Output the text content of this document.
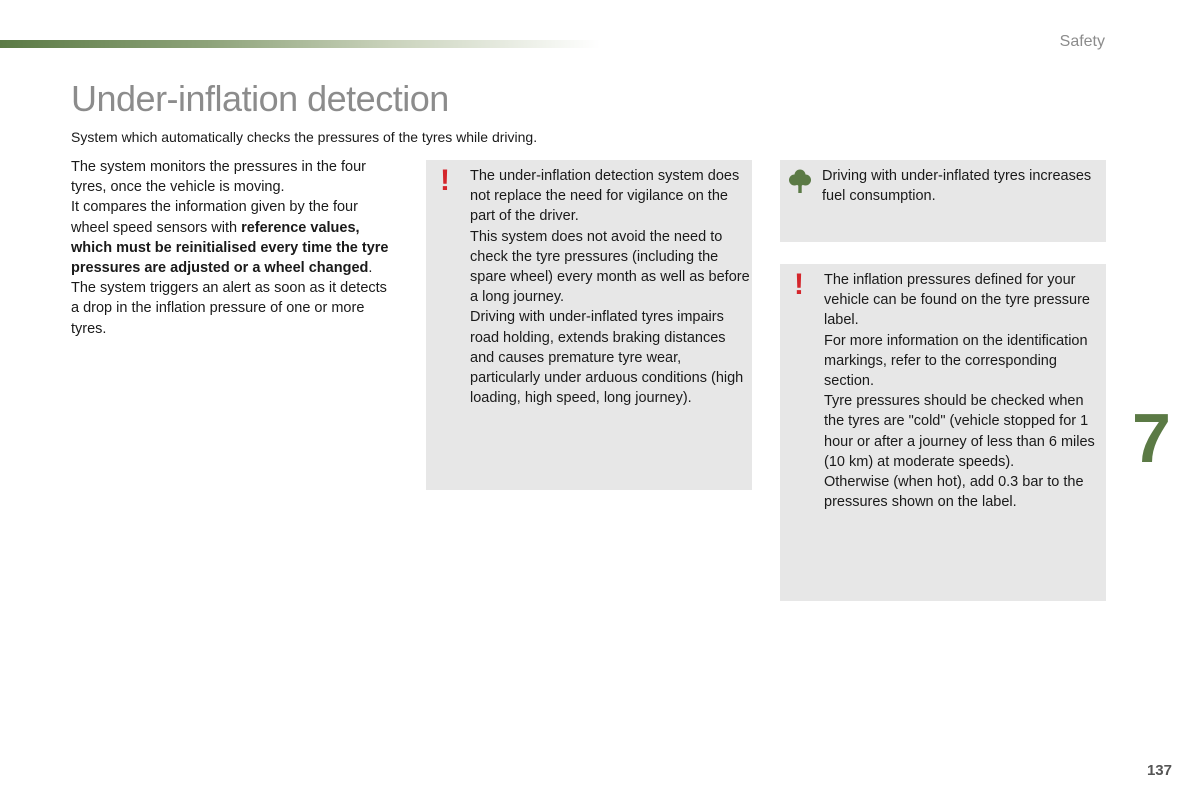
Safety
Under-inflation detection
System which automatically checks the pressures of the tyres while driving.

The system monitors the pressures in the four tyres, once the vehicle is moving.

It compares the information given by the four wheel speed sensors with reference values, which must be reinitialised every time the tyre pressures are adjusted or a wheel changed.

The system triggers an alert as soon as it detects a drop in the inflation pressure of one or more tyres.

! The under-inflation detection system does not replace the need for vigilance on the part of the driver.

This system does not avoid the need to check the tyre pressures (including the spare wheel) every month as well as before a long journey.

Driving with under-inflated tyres impairs road holding, extends braking distances and causes premature tyre wear, particularly under arduous conditions (high loading, high speed, long journey).

Driving with under-inflated tyres increases fuel consumption.

! The inflation pressures defined for your vehicle can be found on the tyre pressure label.

For more information on the identification markings, refer to the corresponding section.

Tyre pressures should be checked when the tyres are "cold" (vehicle stopped for 1 hour or after a journey of less than 6 miles (10 km) at moderate speeds).

Otherwise (when hot), add 0.3 bar to the pressures shown on the label.

7
137
